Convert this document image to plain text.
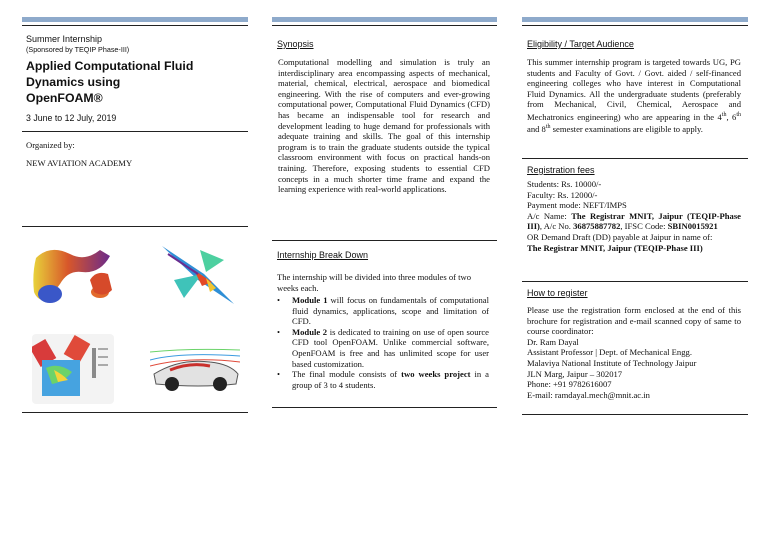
Summer Internship
(Sponsored by TEQIP Phase-III)
Applied Computational Fluid
Dynamics using
OpenFOAM®
3 June to 12 July, 2019
Organized by:
NEW AVIATION ACADEMY
Synopsis
Computational modelling and simulation is truly an interdisciplinary area encompassing aspects of mechanical, material, chemical, electrical, aerospace and biomedical engineering. With the rise of computers and ever-growing computational power, Computational Fluid Dynamics (CFD) has became an indispensable tool for research and development leading to huge demand for professionals with adequate training and skills. The goal of this internship program is to train the graduate students outside the typical classroom environment with focus on practical hands-on training. Therefore, exposing students to essential CFD concepts in a much shorter time frame and expand the learning experience with real-world applications.
Internship Break Down
The internship will be divided into three modules of two weeks each.
• Module 1 will focus on fundamentals of computational fluid dynamics, applications, scope and limitation of CFD.
• Module 2 is dedicated to training on use of open source CFD tool OpenFOAM. Unlike commercial software, OpenFOAM is free and has unlimited scope for user based customization.
• The final module consists of two weeks project in a group of 3 to 4 students.
Eligibility / Target Audience
This summer internship program is targeted towards UG, PG students and Faculty of Govt. / Govt. aided / self-financed engineering colleges who have interest in Computational Fluid Dynamics. All the undergraduate students (preferably from Mechanical, Civil, Chemical, Aerospace and Mechatronics engineering) who are appearing in the 4th, 6th and 8th semester examinations are eligible to apply.
Registration fees
Students: Rs. 10000/-
Faculty: Rs. 12000/-
Payment mode: NEFT/IMPS
A/c Name: The Registrar MNIT, Jaipur (TEQIP-Phase III), A/c No. 36875887782, IFSC Code: SBIN0015921
OR Demand Draft (DD) payable at Jaipur in name of:
The Registrar MNIT, Jaipur (TEQIP-Phase III)
How to register
Please use the registration form enclosed at the end of this brochure for registration and e-mail scanned copy of same to course coordinator:
Dr. Ram Dayal
Assistant Professor | Dept. of Mechanical Engg.
Malaviya National Institute of Technology Jaipur
JLN Marg, Jaipur – 302017
Phone: +91 9782616007
E-mail: ramdayal.mech@mnit.ac.in
